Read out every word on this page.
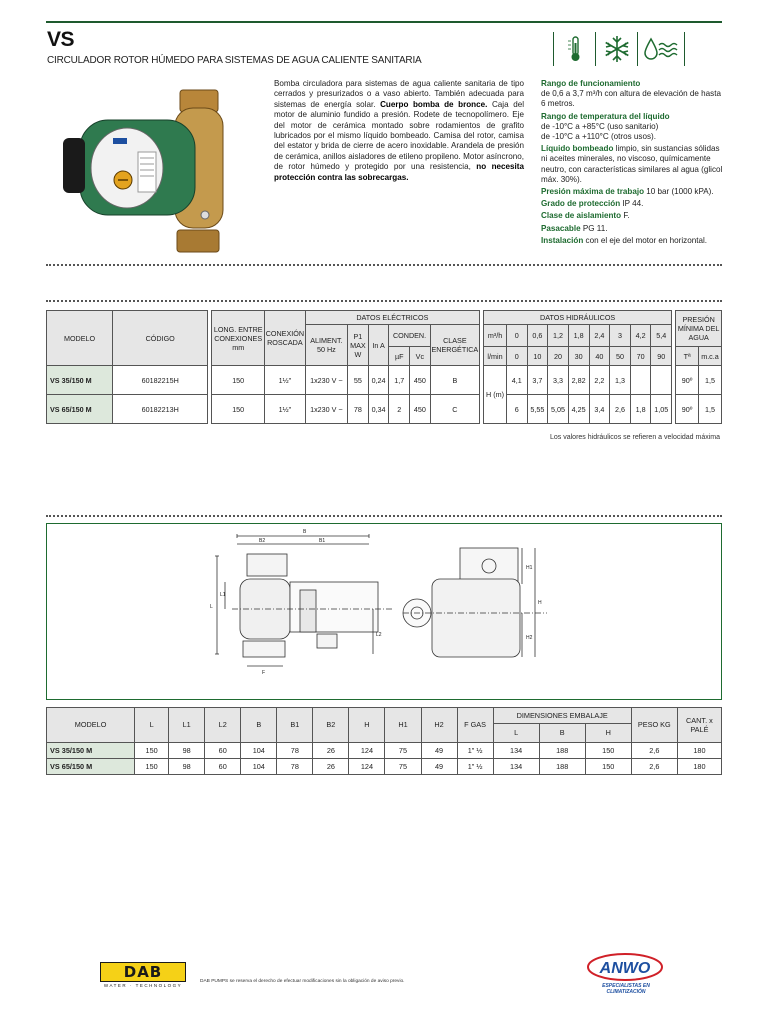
VS
CIRCULADOR ROTOR HÚMEDO PARA SISTEMAS DE AGUA CALIENTE SANITARIA
Bomba circuladora para sistemas de agua caliente sanitaria de tipo cerrados y presurizados o a vaso abierto. También adecuada para sistemas de energía solar. Cuerpo bomba de bronce. Caja del motor de aluminio fundido a presión. Rodete de tecnopolímero. Eje del motor de cerámica montado sobre rodamientos de grafito lubricados por el mismo líquido bombeado. Camisa del rotor, camisa del estator y brida de cierre de acero inoxidable. Arandela de presión de cerámica, anillos aisladores de etileno propileno. Motor asíncrono, de rotor húmedo y protegido por una resistencia, no necesita protección contra las sobrecargas.
Rango de funcionamiento
de 0,6 a 3,7 m³/h con altura de elevación de hasta 6 metros.
Rango de temperatura del líquido
de -10°C a +85°C (uso sanitario)
de -10°C a +110°C (otros usos).
Líquido bombeado limpio, sin sustancias sólidas ni aceites minerales, no viscoso, químicamente neutro, con características similares al agua (glicol máx. 30%).
Presión máxima de trabajo 10 bar (1000 kPA).
Grado de protección IP 44.
Clase de aislamiento F.
Pasacable PG 11.
Instalación con el eje del motor en horizontal.
MODELO	CÓDIGO		LONG. ENTRE CONEXIONES mm	CONEXIÓN ROSCADA	DATOS ELÉCTRICOS							DATOS HIDRÁULICOS										PRESIÓN MÍNIMA DEL AGUA	
					ALIMENT. 50 Hz	P1 MAX W	In A	CONDEN.		CLASE ENERGÉTICA		m³/h	0	0,6	1,2	1,8	2,4	3	4,2	5,4			
								µF	Vc			l/min	0	10	20	30	40	50	70	90		Tª	m.c.a
VS 35/150 M	60182215H		150	1½"	1x230 V ~	55	0,24	1,7	450	B		H (m)	4,1	3,7	3,3	2,82	2,2	1,3				90º	1,5
VS 65/150 M	60182213H		150	1½"	1x230 V ~	78	0,34	2	450	C			6	5,55	5,05	4,25	3,4	2,6	1,8	1,05		90º	1,5
Los valores hidráulicos se refieren a velocidad máxima
B
B2	B1
L
L1
L2
F
H1
H
H2
MODELO	L	L1	L2	B	B1	B2	H	H1	H2	F GAS	DIMENSIONES EMBALAJE			PESO KG	CANT. x PALÉ
											L	B	H		
VS 35/150 M	150	98	60	104	78	26	124	75	49	1" ½	134	188	150	2,6	180
VS 65/150 M	150	98	60	104	78	26	124	75	49	1" ½	134	188	150	2,6	180
DAB
WATER · TECHNOLOGY
DAB PUMPS se reserva el derecho de efectuar modificaciones sin la obligación de aviso previo.
ANWO
ESPECIALISTAS EN CLIMATIZACIÓN
